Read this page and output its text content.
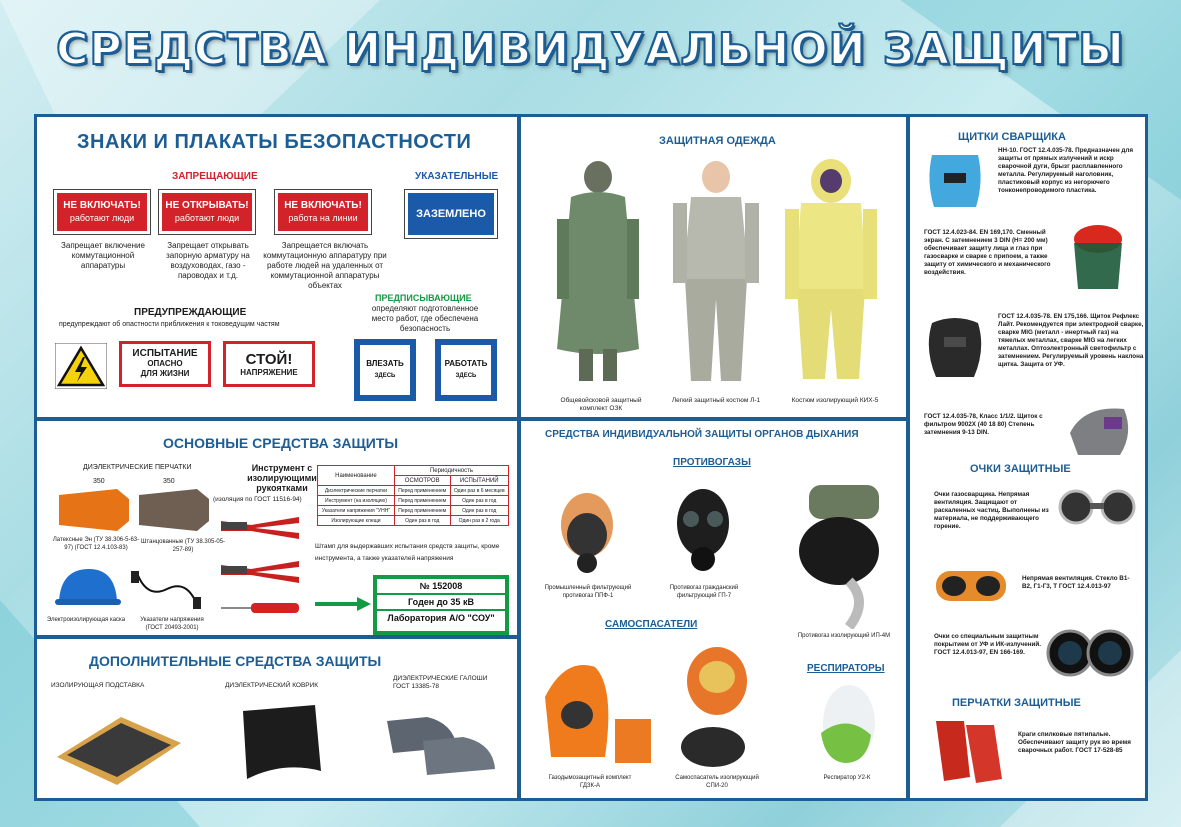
СРЕДСТВА ИНДИВИДУАЛЬНОЙ ЗАЩИТЫ
ЗНАКИ И ПЛАКАТЫ БЕЗОПАСТНОСТИ
ЗАПРЕЩАЮЩИЕ	УКАЗАТЕЛЬНЫЕ
НЕ ВКЛЮЧАТЬ!
работают люди
НЕ ОТКРЫВАТЬ!
работают люди
НЕ ВКЛЮЧАТЬ!
работа на линии	ЗАЗЕМЛЕНО
Запрещает включение коммутационной аппаратуры
Запрещает открывать запорную арматуру на воздуховодах, газо - пароводах и т.д.
Запрещается включать коммутационную аппаратуру при работе людей на удаленных от коммутационной аппаратуры объектах
ПРЕДУПРЕЖДАЮЩИЕ
предупреждают об опастности приближения к токоведущим частям
ПРЕДПИСЫВАЮЩИЕ
определяют подготовленное место работ, где обеспечена безопасность
ИСПЫТАНИЕ
ОПАСНО
ДЛЯ ЖИЗНИ
СТОЙ!
НАПРЯЖЕНИЕ
ВЛЕЗАТЬ
ЗДЕСЬ
РАБОТАТЬ
ЗДЕСЬ
ЗАЩИТНАЯ ОДЕЖДА
Общевойсковой защитный комплект ОЗК
Легкий защитный костюм Л-1	Костюм изолирующий КИХ-5
ЩИТКИ СВАРЩИКА
НН-10. ГОСТ 12.4.035-78. Предназначен для защиты от прямых излучений и искр сварочной дуги, брызг расплавленного металла. Регулируемый наголовник, пластиковый корпус из негорючего тонконепроводимого пластика.
ГОСТ 12.4.023-84. EN 169,170. Сменный экран. С затемнением 3 DIN (H= 200 мм) обеспечивает защиту лица и глаз при газосварке и сварке с припоем, а также защиту от химического и механического воздействия.
ГОСТ 12.4.035-78. EN 175,166. Щиток Рефлекс Лайт. Рекомендуется при электродной сварке, сварке MIG (металл - инертный газ) на тяжелых металлах, сварке MIG на легких металлах. Оптоэлектронный светофильтр с затемнением. Регулируемый уровень наклона щитка. Защита от УФ.
ГОСТ 12.4.035-78, Класс 1/1/2. Щиток с фильтром 9002X (40 18 80) Степень затемнения 9-13 DIN.
ОЧКИ ЗАЩИТНЫЕ
Очки газосварщика. Непрямая вентиляция. Защищают от раскаленных частиц. Выполнены из материала, не поддерживающего горение.
Непрямая вентиляция. Стекло В1-В2, Г1-Г3, Т ГОСТ 12.4.013-97
Очки со специальным защитным покрытием от УФ и ИК-излучений. ГОСТ 12.4.013-97, EN 166-169.
ПЕРЧАТКИ ЗАЩИТНЫЕ
Краги спилковые пятипалые. Обеспечивают защиту рук во время сварочных работ. ГОСТ 17-528-85
ОСНОВНЫЕ СРЕДСТВА ЗАЩИТЫ
ДИЭЛЕКТРИЧЕСКИЕ ПЕРЧАТКИ
350	350
Латексные Эн (ТУ 38.306-5-63-97) (ГОСТ 12.4.103-83)
Штанцованные (ТУ 38.305-05-257-89)
Инструмент с изолирующими рукоятками
(изоляция по ГОСТ 11516-94)
Электроизолирующая каска	Указатели напряжения (ГОСТ 20493-2001)
Наименование	Периодичность	
	ОСМОТРОВ	ИСПЫТАНИЙ
Диэлектрические перчатки	Перед применением	Один раз в 6 месяцев
Инструмент (на изоляцию)	Перед применением	Один раз в год
Указатели напряжения "УНН"	Перед применением	Один раз в год
Изолирующие клещи	Один раз в год	Один раз в 2 года
Штамп для выдержавших испытания средств защиты, кроме инструмента, а также указателей напряжения
№ 152008
Годен до 35 кВ
Лаборатория А/О "СОУ"
ДОПОЛНИТЕЛЬНЫЕ СРЕДСТВА ЗАЩИТЫ
ИЗОЛИРУЮЩАЯ ПОДСТАВКА	ДИЭЛЕКТРИЧЕСКИЙ КОВРИК
ДИЭЛЕКТРИЧЕСКИЕ ГАЛОШИ ГОСТ 13385-78
СРЕДСТВА ИНДИВИДУАЛЬНОЙ ЗАЩИТЫ ОРГАНОВ ДЫХАНИЯ
ПРОТИВОГАЗЫ
Промышленный фильтрующий противогаз ППФ-1
Противогаз гражданский фильтрующий ГП-7
Противогаз изолирующий ИП-4М
САМОСПАСАТЕЛИ
Газодымозащитный комплект ГДЗК-А
Самоспасатель изолирующий СПИ-20
РЕСПИРАТОРЫ
Респиратор У2-К
